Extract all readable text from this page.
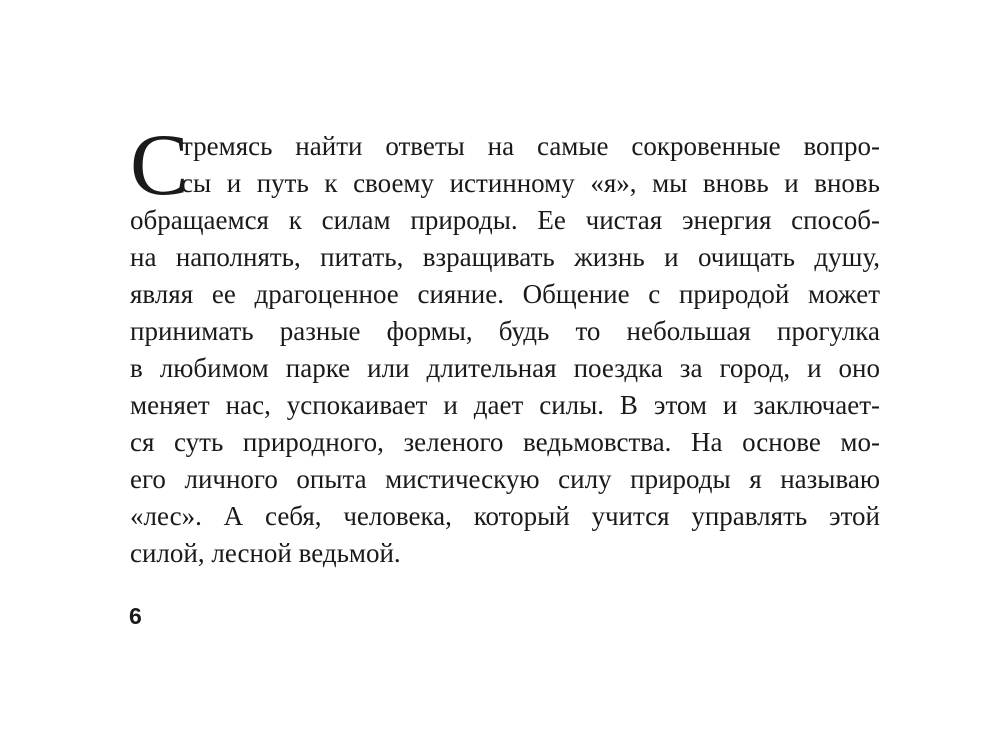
С
тремясь найти ответы на самые сокровенные вопро-
сы и путь к своему истинному «я», мы вновь и вновь
обращаемся к силам природы. Ее чистая энергия способ-
на наполнять, питать, взращивать жизнь и очищать душу,
являя ее драгоценное сияние. Общение с природой может
принимать разные формы, будь то небольшая прогулка
в любимом парке или длительная поездка за город, и оно
меняет нас, успокаивает и дает силы. В этом и заключает-
ся суть природного, зеленого ведьмовства. На основе мо-
его личного опыта мистическую силу природы я называю
«лес». А себя, человека, который учится управлять этой
силой, лесной ведьмой.
6
